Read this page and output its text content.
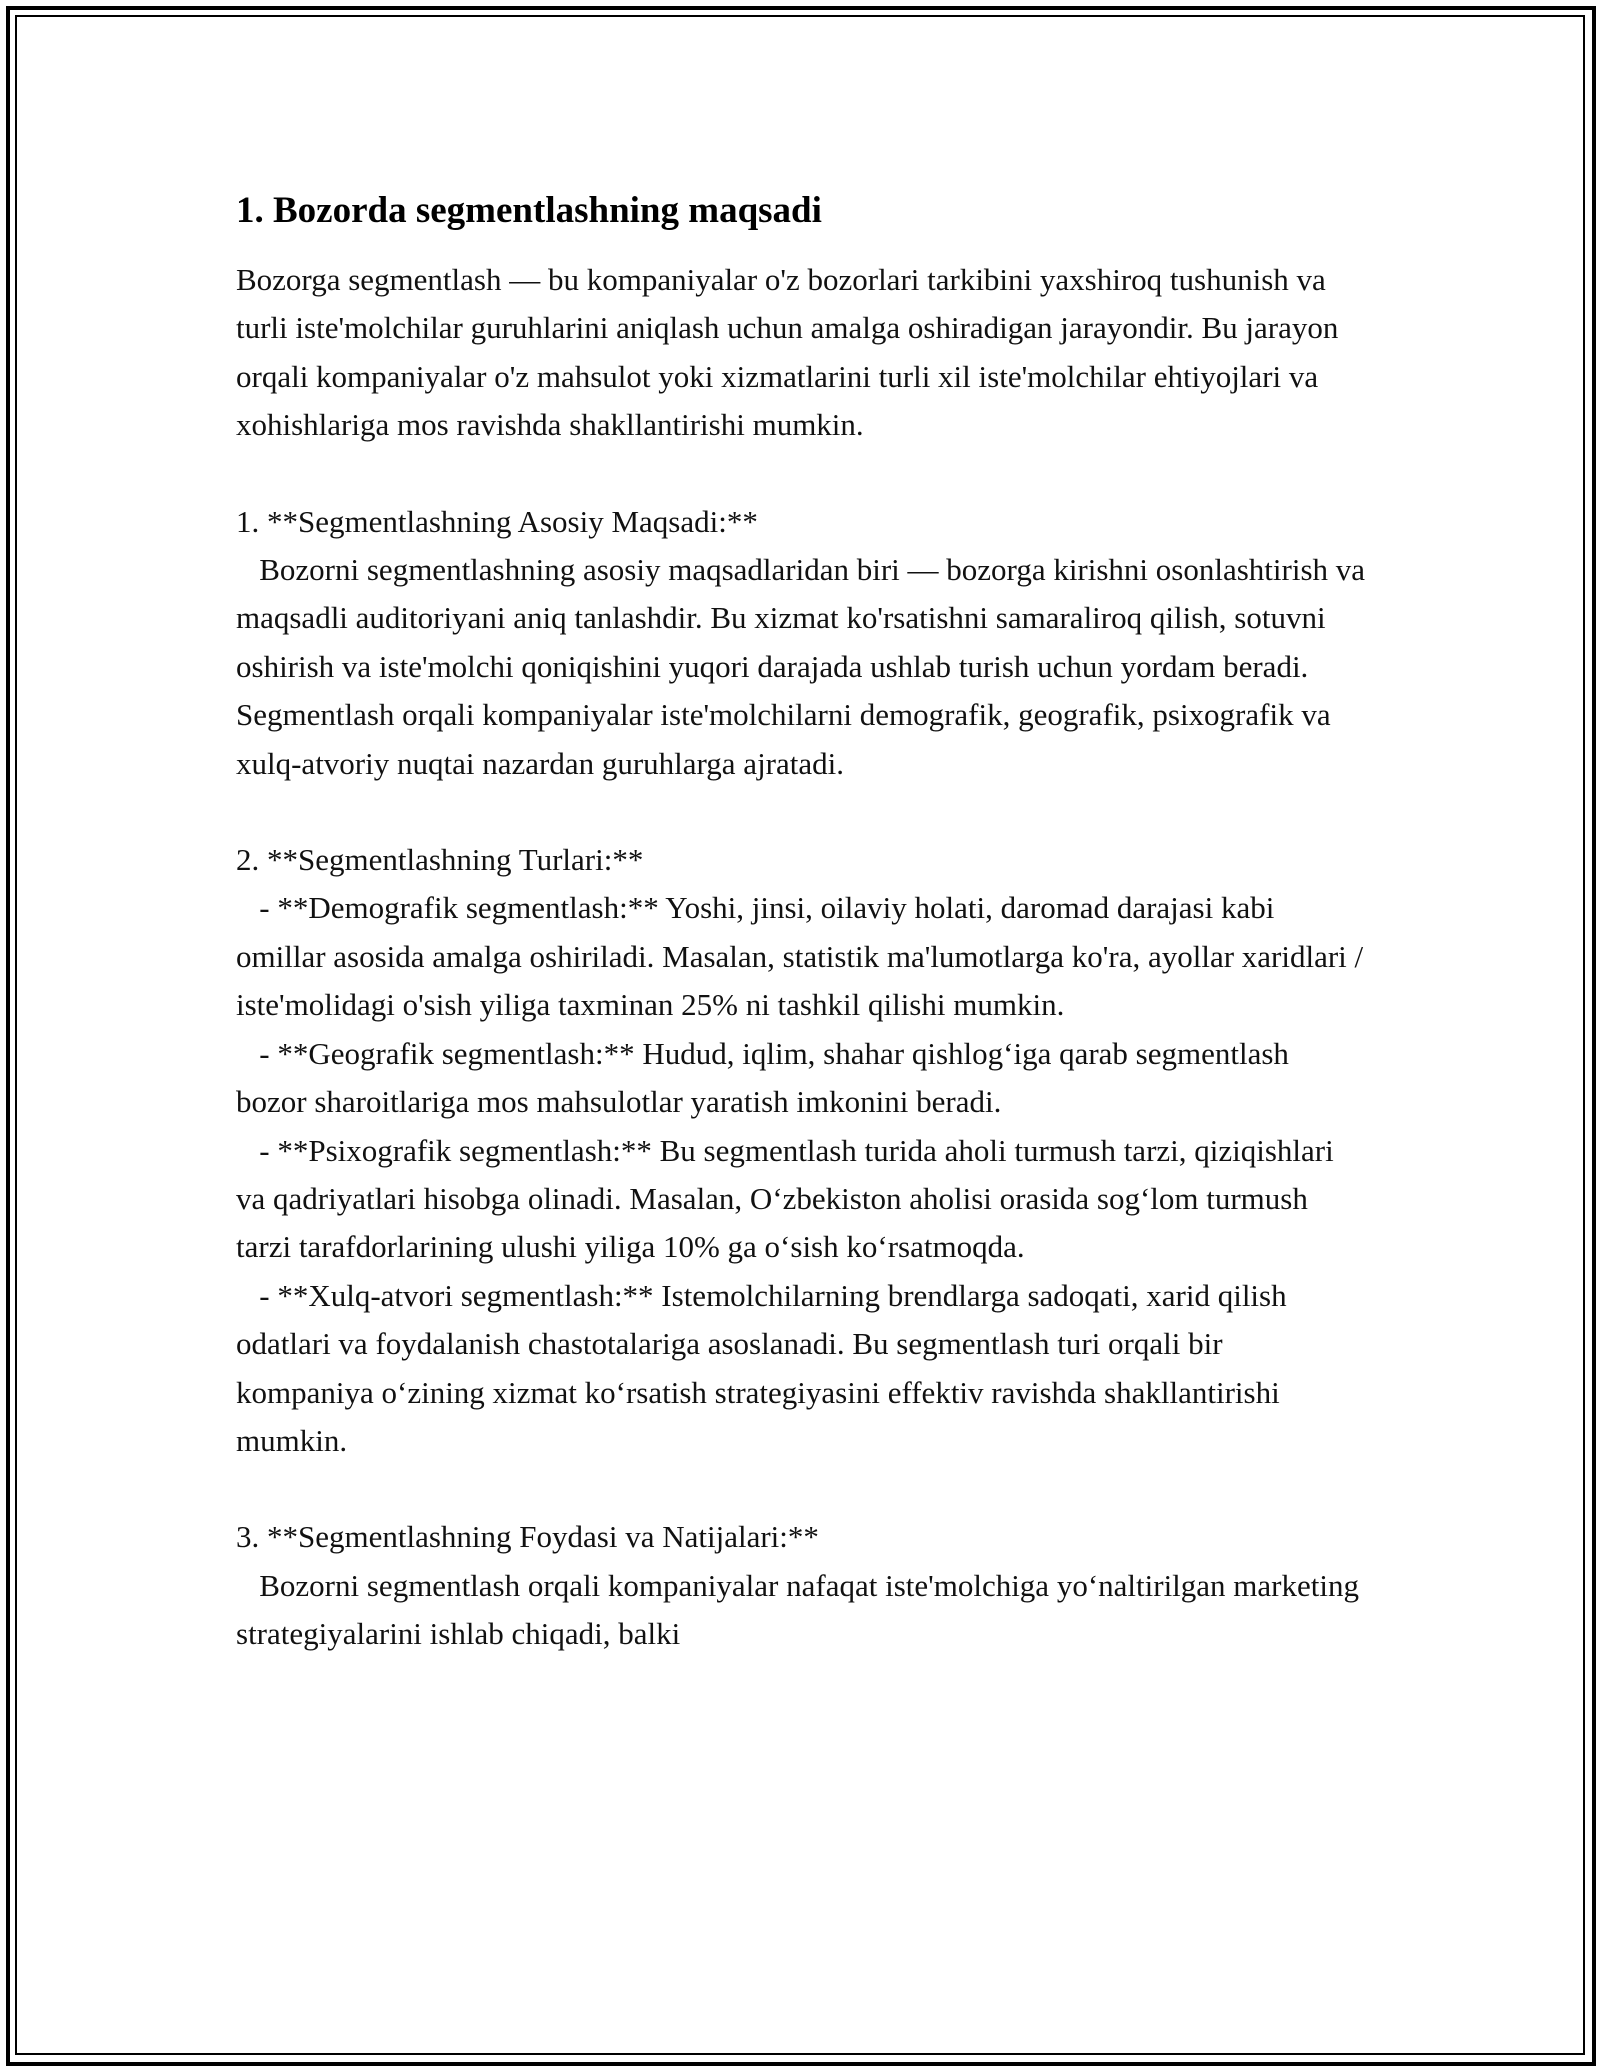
1. Bozorda segmentlashning maqsadi

Bozorga segmentlash — bu kompaniyalar o'z bozorlari tarkibini yaxshiroq tushunish va turli iste'molchilar guruhlarini aniqlash uchun amalga oshiradigan jarayondir. Bu jarayon orqali kompaniyalar o'z mahsulot yoki xizmatlarini turli xil iste'molchilar ehtiyojlari va xohishlariga mos ravishda shakllantirishi mumkin.

1. **Segmentlashning Asosiy Maqsadi:**

Bozorni segmentlashning asosiy maqsadlaridan biri — bozorga kirishni osonlashtirish va maqsadli auditoriyani aniq tanlashdir. Bu xizmat ko'rsatishni samaraliroq qilish, sotuvni oshirish va iste'molchi qoniqishini yuqori darajada ushlab turish uchun yordam beradi. Segmentlash orqali kompaniyalar iste'molchilarni demografik, geografik, psixografik va xulq-atvoriy nuqtai nazardan guruhlarga ajratadi.

2. **Segmentlashning Turlari:**

- **Demografik segmentlash:** Yoshi, jinsi, oilaviy holati, daromad darajasi kabi omillar asosida amalga oshiriladi. Masalan, statistik ma'lumotlarga ko'ra, ayollar xaridlari / iste'molidagi o'sish yiliga taxminan 25% ni tashkil qilishi mumkin.

- **Geografik segmentlash:** Hudud, iqlim, shahar qishlog‘iga qarab segmentlash bozor sharoitlariga mos mahsulotlar yaratish imkonini beradi.

- **Psixografik segmentlash:** Bu segmentlash turida aholi turmush tarzi, qiziqishlari va qadriyatlari hisobga olinadi. Masalan, O‘zbekiston aholisi orasida sog‘lom turmush tarzi tarafdorlarining ulushi yiliga 10% ga o‘sish ko‘rsatmoqda.

- **Xulq-atvori segmentlash:** Istemolchilarning brendlarga sadoqati, xarid qilish odatlari va foydalanish chastotalariga asoslanadi. Bu segmentlash turi orqali bir kompaniya o‘zining xizmat ko‘rsatish strategiyasini effektiv ravishda shakllantirishi mumkin.

3. **Segmentlashning Foydasi va Natijalari:**

Bozorni segmentlash orqali kompaniyalar nafaqat iste'molchiga yo‘naltirilgan marketing strategiyalarini ishlab chiqadi, balki
